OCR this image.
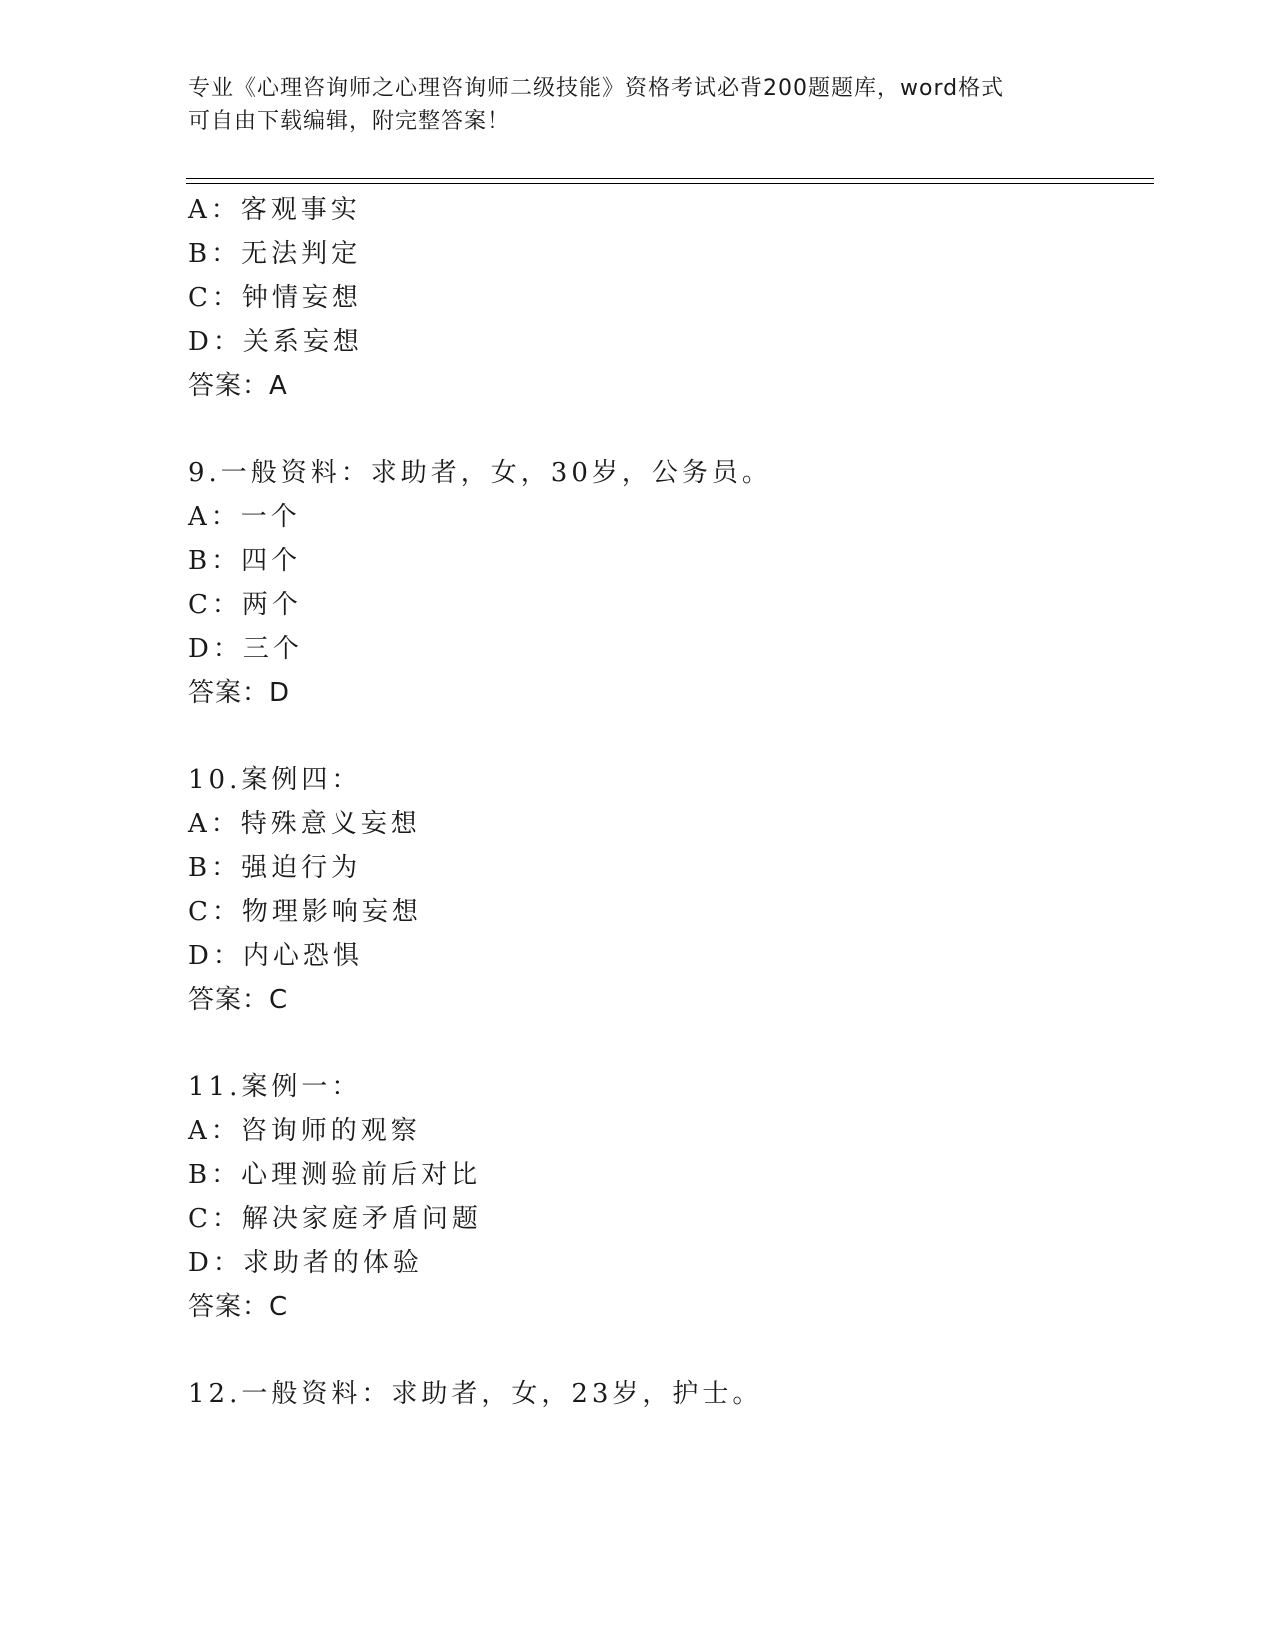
专业《心理咨询师之心理咨询师二级技能》资格考试必背200题题库，word格式
可自由下载编辑，附完整答案！
A：客观事实
B：无法判定
C：钟情妄想
D：关系妄想
答案：A
9.一般资料：求助者，女，30岁，公务员。
A：一个
B：四个
C：两个
D：三个
答案：D
10.案例四：
A：特殊意义妄想
B：强迫行为
C：物理影响妄想
D：内心恐惧
答案：C
11.案例一：
A：咨询师的观察
B：心理测验前后对比
C：解决家庭矛盾问题
D：求助者的体验
答案：C
12.一般资料：求助者，女，23岁，护士。
